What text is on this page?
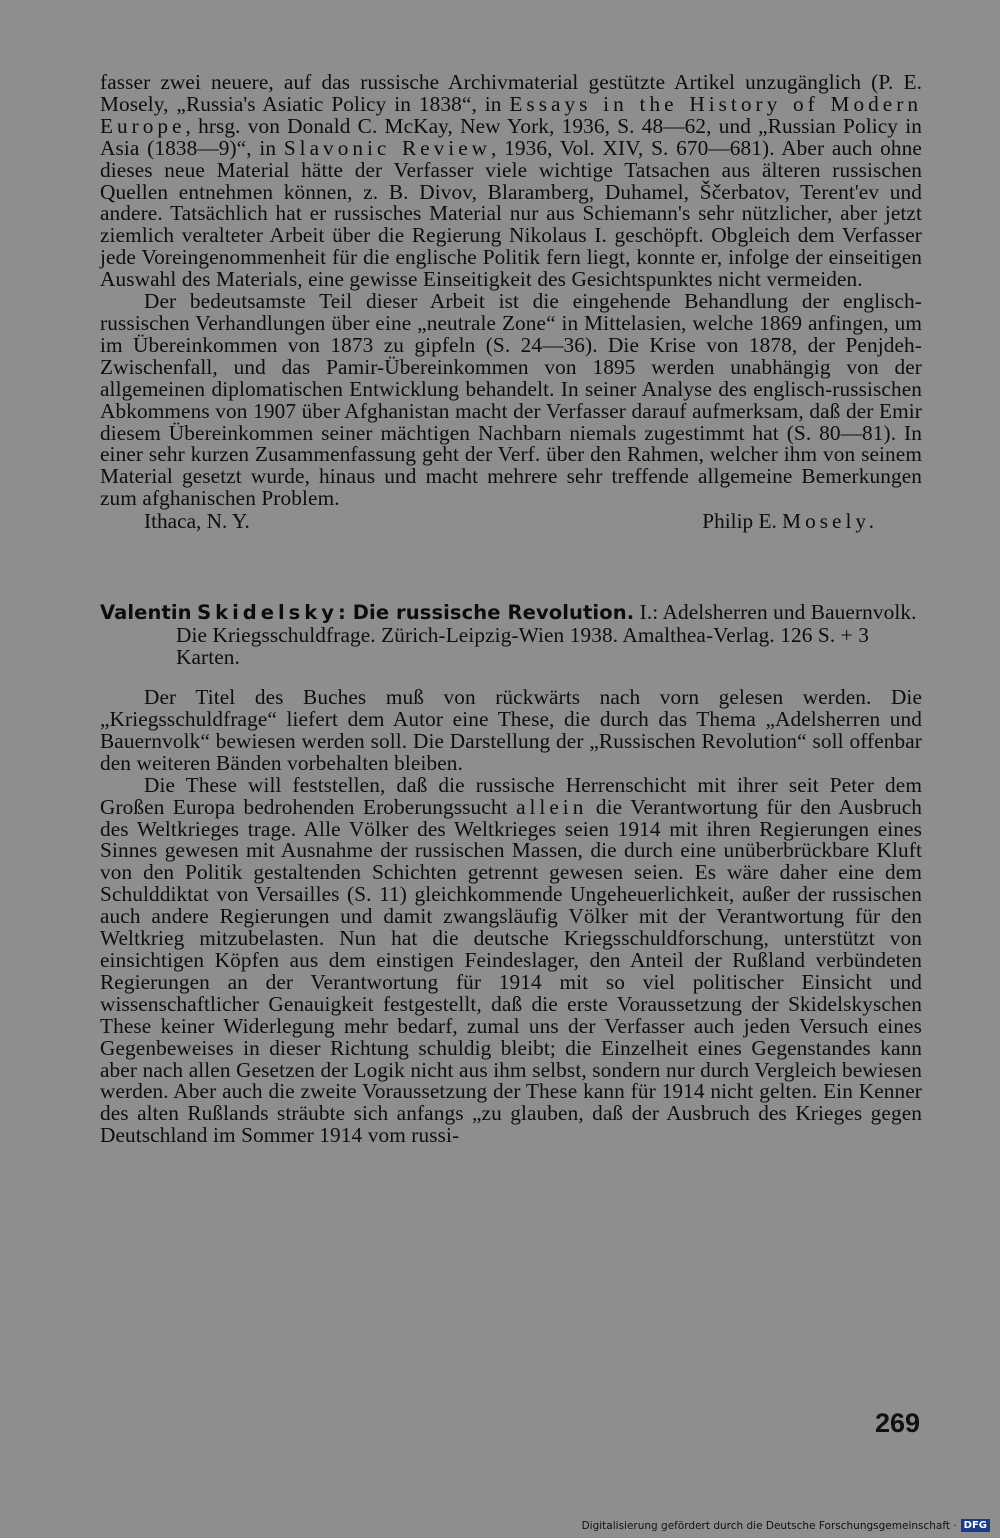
fasser zwei neuere, auf das russische Archivmaterial gestützte Artikel unzugänglich (P. E. Mosely, „Russia's Asiatic Policy in 1838“, in Essays in the History of Modern Europe, hrsg. von Donald C. McKay, New York, 1936, S. 48—62, und „Russian Policy in Asia (1838—9)“, in Slavonic Review, 1936, Vol. XIV, S. 670—681). Aber auch ohne dieses neue Material hätte der Verfasser viele wichtige Tatsachen aus älteren russischen Quellen entnehmen können, z. B. Divov, Blaramberg, Duhamel, Ščerbatov, Terent'ev und andere. Tatsächlich hat er russisches Material nur aus Schiemann's sehr nützlicher, aber jetzt ziemlich veralteter Arbeit über die Regierung Nikolaus I. geschöpft. Obgleich dem Verfasser jede Voreingenommenheit für die englische Politik fern liegt, konnte er, infolge der einseitigen Auswahl des Materials, eine gewisse Einseitigkeit des Gesichtspunktes nicht vermeiden.

Der bedeutsamste Teil dieser Arbeit ist die eingehende Behandlung der englisch-russischen Verhandlungen über eine „neutrale Zone“ in Mittelasien, welche 1869 anfingen, um im Übereinkommen von 1873 zu gipfeln (S. 24—36). Die Krise von 1878, der Penjdeh-Zwischenfall, und das Pamir-Übereinkommen von 1895 werden unabhängig von der allgemeinen diplomatischen Entwicklung behandelt. In seiner Analyse des englisch-russischen Abkommens von 1907 über Afghanistan macht der Verfasser darauf aufmerksam, daß der Emir diesem Übereinkommen seiner mächtigen Nachbarn niemals zugestimmt hat (S. 80—81). In einer sehr kurzen Zusammenfassung geht der Verf. über den Rahmen, welcher ihm von seinem Material gesetzt wurde, hinaus und macht mehrere sehr treffende allgemeine Bemerkungen zum afghanischen Problem.

Ithaca, N. Y.	Philip E. Mosely.

Valentin Skidelsky: Die russische Revolution. I.: Adelsherren und Bauernvolk. Die Kriegsschuldfrage. Zürich-Leipzig-Wien 1938. Amalthea-Verlag. 126 S. + 3 Karten.

Der Titel des Buches muß von rückwärts nach vorn gelesen werden. Die „Kriegsschuldfrage“ liefert dem Autor eine These, die durch das Thema „Adelsherren und Bauernvolk“ bewiesen werden soll. Die Darstellung der „Russischen Revolution“ soll offenbar den weiteren Bänden vorbehalten bleiben.

Die These will feststellen, daß die russische Herrenschicht mit ihrer seit Peter dem Großen Europa bedrohenden Eroberungssucht allein die Verantwortung für den Ausbruch des Weltkrieges trage. Alle Völker des Weltkrieges seien 1914 mit ihren Regierungen eines Sinnes gewesen mit Ausnahme der russischen Massen, die durch eine unüberbrückbare Kluft von den Politik gestaltenden Schichten getrennt gewesen seien. Es wäre daher eine dem Schulddiktat von Versailles (S. 11) gleichkommende Ungeheuerlichkeit, außer der russischen auch andere Regierungen und damit zwangsläufig Völker mit der Verantwortung für den Weltkrieg mitzubelasten. Nun hat die deutsche Kriegsschuldforschung, unterstützt von einsichtigen Köpfen aus dem einstigen Feindeslager, den Anteil der Rußland verbündeten Regierungen an der Verantwortung für 1914 mit so viel politischer Einsicht und wissenschaftlicher Genauigkeit festgestellt, daß die erste Voraussetzung der Skidelskyschen These keiner Widerlegung mehr bedarf, zumal uns der Verfasser auch jeden Versuch eines Gegenbeweises in dieser Richtung schuldig bleibt; die Einzelheit eines Gegenstandes kann aber nach allen Gesetzen der Logik nicht aus ihm selbst, sondern nur durch Vergleich bewiesen werden. Aber auch die zweite Voraussetzung der These kann für 1914 nicht gelten. Ein Kenner des alten Rußlands sträubte sich anfangs „zu glauben, daß der Ausbruch des Krieges gegen Deutschland im Sommer 1914 vom russi-

269
Digitalisierung gefördert durch die Deutsche Forschungsgemeinschaft · DFG
